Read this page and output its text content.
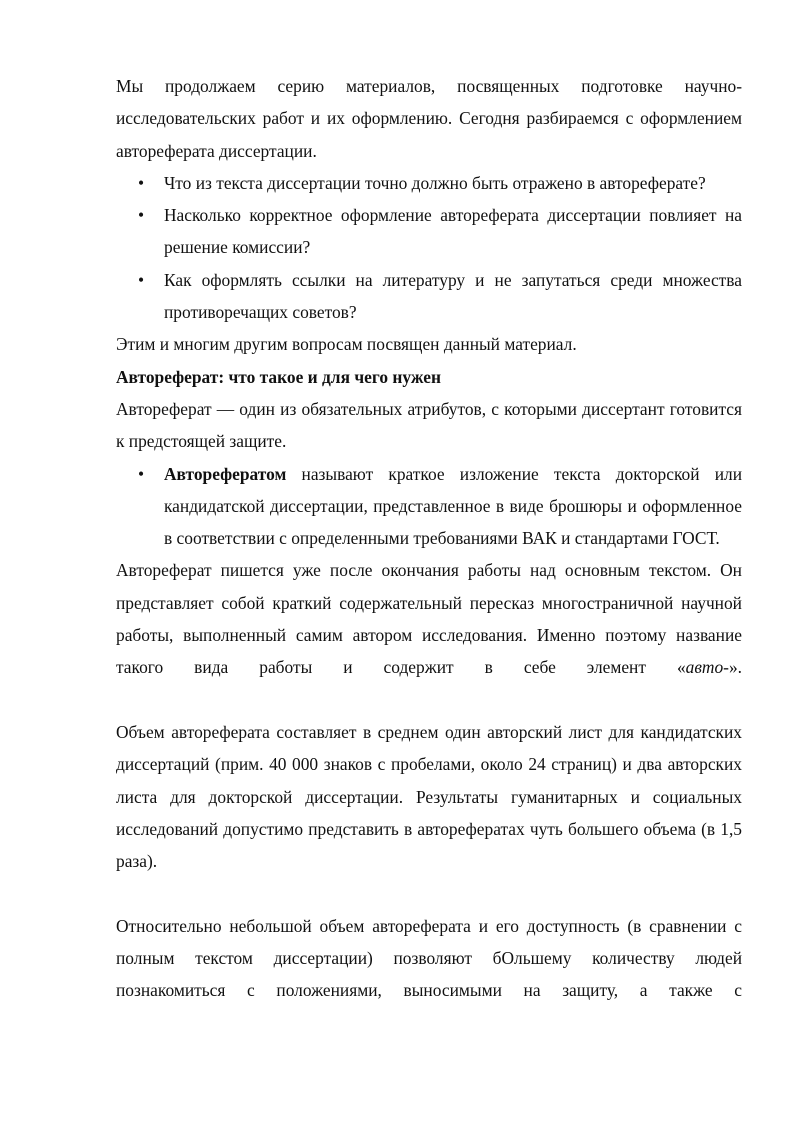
Мы продолжаем серию материалов, посвященных подготовке научно-исследовательских работ и их оформлению. Сегодня разбираемся с оформлением автореферата диссертации.

•	Что из текста диссертации точно должно быть отражено в автореферате?
•	Насколько корректное оформление автореферата диссертации повлияет на решение комиссии?
•	Как оформлять ссылки на литературу и не запутаться среди множества противоречащих советов?

Этим и многим другим вопросам посвящен данный материал.

Автореферат: что такое и для чего нужен

Автореферат — один из обязательных атрибутов, с которыми диссертант готовится к предстоящей защите.

•	Авторефератом называют краткое изложение текста докторской или кандидатской диссертации, представленное в виде брошюры и оформленное в соответствии с определенными требованиями ВАК и стандартами ГОСТ.

Автореферат пишется уже после окончания работы над основным текстом. Он представляет собой краткий содержательный пересказ многостраничной научной работы, выполненный самим автором исследования. Именно поэтому название такого вида работы и содержит в себе элемент «авто-».

Объем автореферата составляет в среднем один авторский лист для кандидатских диссертаций (прим. 40 000 знаков с пробелами, около 24 страниц) и два авторских листа для докторской диссертации. Результаты гуманитарных и социальных исследований допустимо представить в авторефератах чуть большего объема (в 1,5 раза).

Относительно небольшой объем автореферата и его доступность (в сравнении с полным текстом диссертации) позволяют бОльшему количеству людей познакомиться с положениями, выносимыми на защиту, а также с
